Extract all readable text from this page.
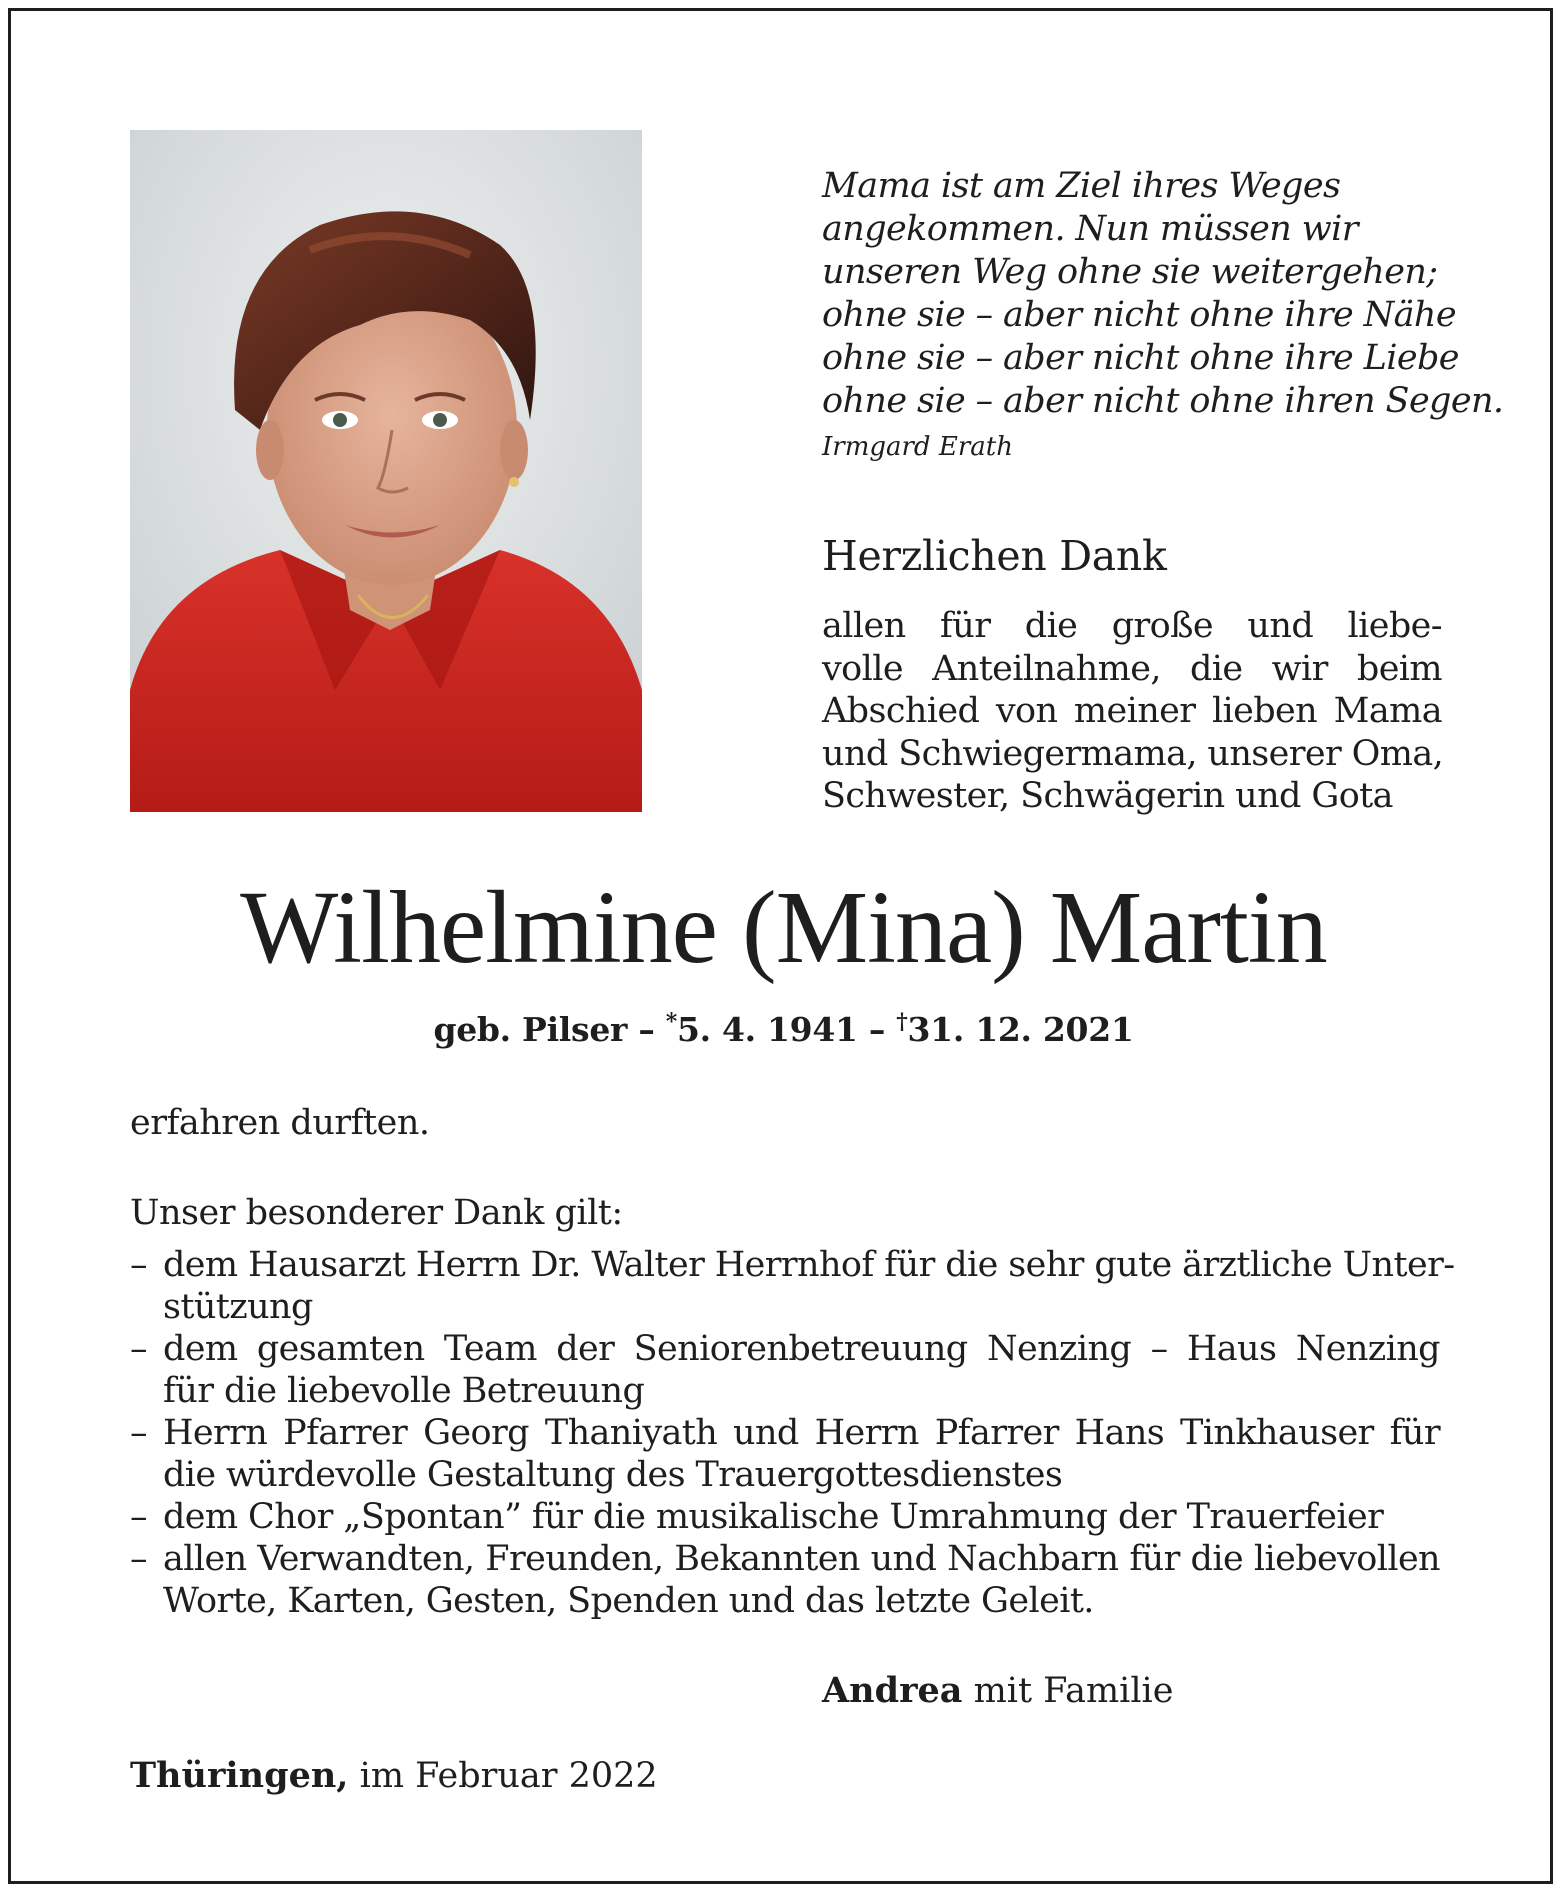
Mama ist am Ziel ihres Weges
angekommen. Nun müssen wir
unseren Weg ohne sie weitergehen;
ohne sie – aber nicht ohne ihre Nähe
ohne sie – aber nicht ohne ihre Liebe
ohne sie – aber nicht ohne ihren Segen.
Irmgard Erath
Herzlichen Dank
allen für die große und liebe-
volle Anteilnahme, die wir beim
Abschied von meiner lieben Mama
und Schwiegermama, unserer Oma,
Schwester, Schwägerin und Gota
Wilhelmine (Mina) Martin
geb. Pilser – *5. 4. 1941 – †31. 12. 2021
erfahren durften.
Unser besonderer Dank gilt:
– dem Hausarzt Herrn Dr. Walter Herrnhof für die sehr gute ärztliche Unter-
stützung
– dem gesamten Team der Seniorenbetreuung Nenzing – Haus Nenzing
für die liebevolle Betreuung
– Herrn Pfarrer Georg Thaniyath und Herrn Pfarrer Hans Tinkhauser für
die würdevolle Gestaltung des Trauergottesdienstes
– dem Chor „Spontan” für die musikalische Umrahmung der Trauerfeier
– allen Verwandten, Freunden, Bekannten und Nachbarn für die liebevollen
Worte, Karten, Gesten, Spenden und das letzte Geleit.
Andrea mit Familie
Thüringen, im Februar 2022
